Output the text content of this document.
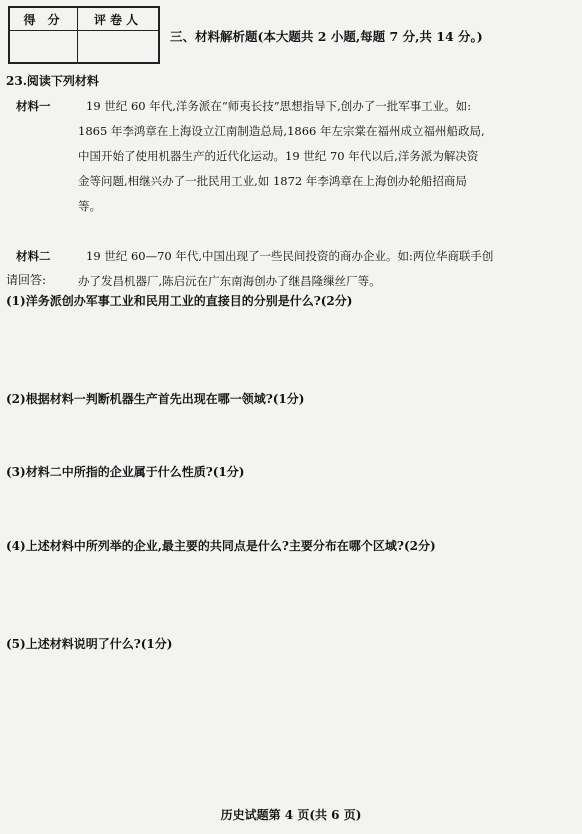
得 分	评卷人

三、材料解析题(本大题共 2 小题,每题 7 分,共 14 分。)
23.阅读下列材料
材料一	19 世纪 60 年代,洋务派在“师夷长技”思想指导下,创办了一批军事工业。如:
1865 年李鸿章在上海设立江南制造总局,1866 年左宗棠在福州成立福州船政局,
中国开始了使用机器生产的近代化运动。19 世纪 70 年代以后,洋务派为解决资
金等问题,相继兴办了一批民用工业,如 1872 年李鸿章在上海创办轮船招商局
等。
材料二	19 世纪 60—70 年代,中国出现了一些民间投资的商办企业。如:两位华商联手创
办了发昌机器厂,陈启沅在广东南海创办了继昌隆缫丝厂等。
请回答:
(1)洋务派创办军事工业和民用工业的直接目的分别是什么?(2分)
(2)根据材料一判断机器生产首先出现在哪一领域?(1分)
(3)材料二中所指的企业属于什么性质?(1分)
(4)上述材料中所列举的企业,最主要的共同点是什么?主要分布在哪个区域?(2分)
(5)上述材料说明了什么?(1分)
历史试题第 4 页(共 6 页)
